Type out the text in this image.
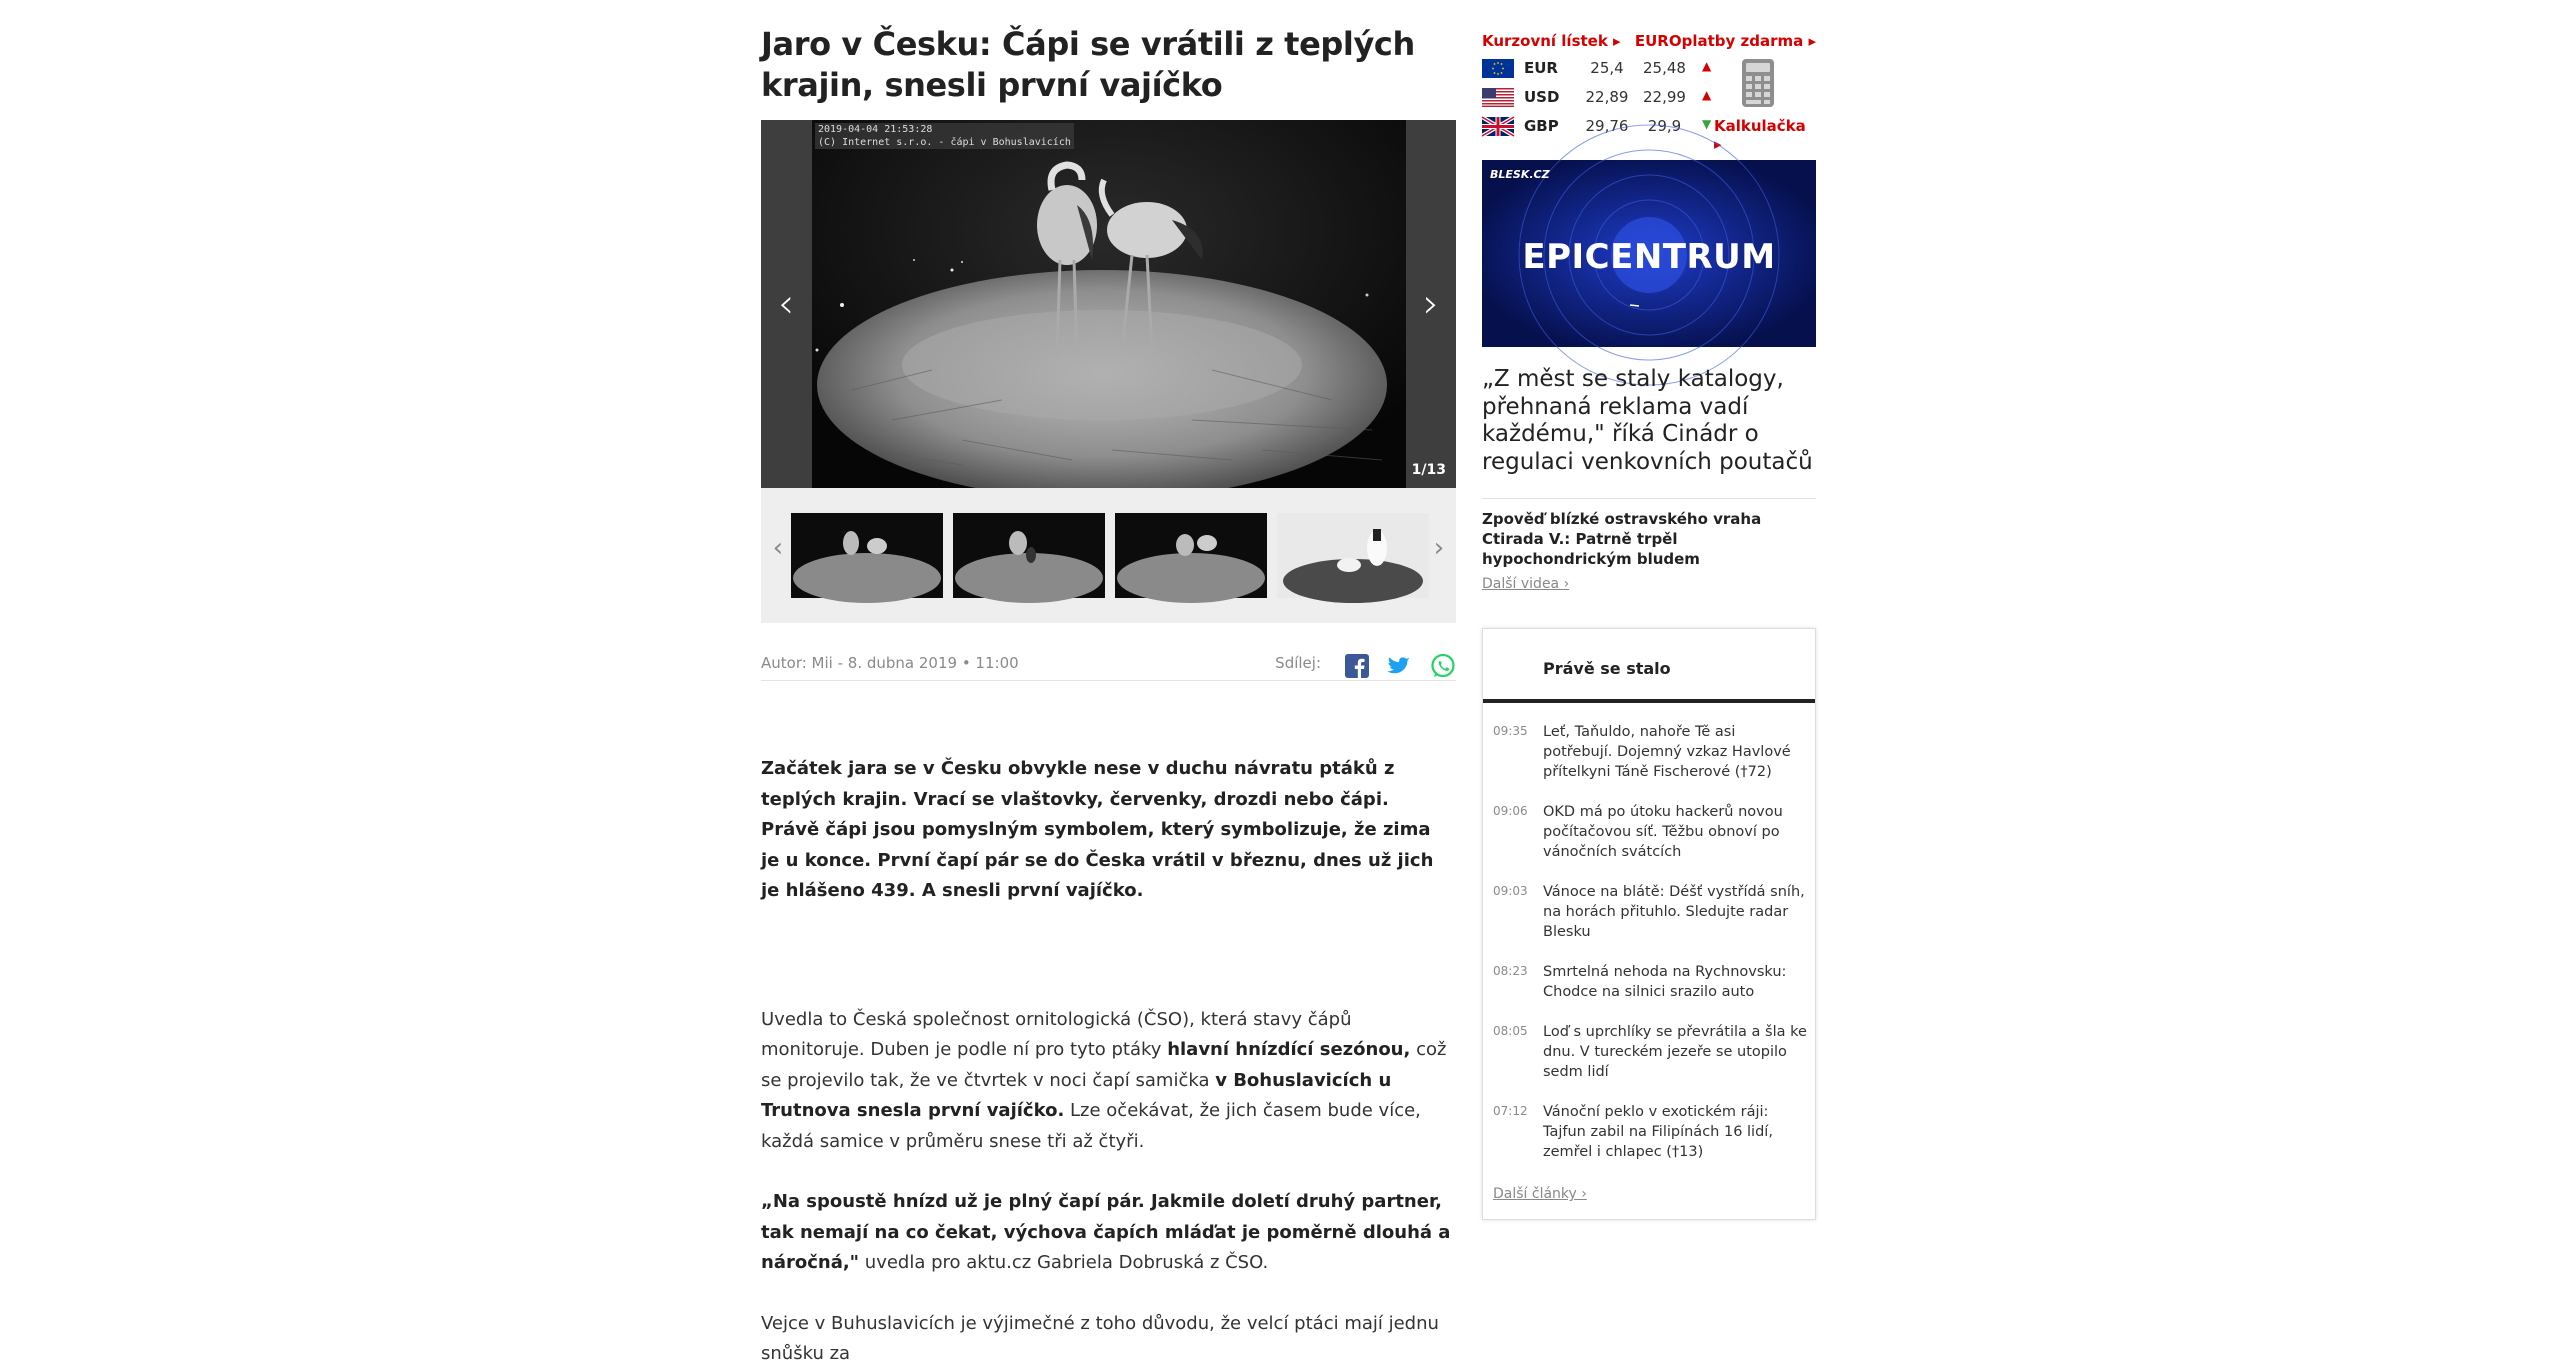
Jaro v Česku: Čápi se vrátili z teplých krajin, snesli první vajíčko
2019-04-04 21:53:28
(C) Internet s.r.o. - čápi v Bohuslavicích
‹	›
1/13
‹	›
Autor: Mii - 8. dubna 2019 • 11:00	Sdílej:

Začátek jara se v Česku obvykle nese v duchu návratu ptáků z teplých krajin. Vrací se vlaštovky, červenky, drozdi nebo čápi. Právě čápi jsou pomyslným symbolem, který symbolizuje, že zima je u konce. První čapí pár se do Česka vrátil v březnu, dnes už jich je hlášeno 439. A snesli první vajíčko.

Uvedla to Česká společnost ornitologická (ČSO), která stavy čápů monitoruje. Duben je podle ní pro tyto ptáky hlavní hnízdící sezónou, což se projevilo tak, že ve čtvrtek v noci čapí samička v Bohuslavicích u Trutnova snesla první vajíčko. Lze očekávat, že jich časem bude více, každá samice v průměru snese tři až čtyři.

„Na spoustě hnízd už je plný čapí pár. Jakmile doletí druhý partner, tak nemají na co čekat, výchova čapích mláďat je poměrně dlouhá a náročná," uvedla pro aktu.cz Gabriela Dobruská z ČSO.

Vejce v Buhuslavicích je výjimečné z toho důvodu, že velcí ptáci mají jednu snůšku za

Kurzovní lístek ▸ EUROplatby zdarma ▸
EUR	25,4	25,48	▲
USD 22,89 22,99	▲
GBP 29,76	29,9	▼ Kalkulačka ▸
BLESK.CZ
EPICENTRUM
„Z měst se staly katalogy, přehnaná reklama vadí každému," říká Cinádr o regulaci venkovních poutačů
Zpověď blízké ostravského vraha Ctirada V.: Patrně trpěl hypochondrickým bludem
Další videa ›
Právě se stalo
09:35 Leť, Taňuldo, nahoře Tě asi potřebují. Dojemný vzkaz Havlové přítelkyni Táně Fischerové (†72)
09:06 OKD má po útoku hackerů novou počítačovou síť. Těžbu obnoví po vánočních svátcích
09:03 Vánoce na blátě: Déšť vystřídá sníh, na horách přituhlo. Sledujte radar Blesku
08:23 Smrtelná nehoda na Rychnovsku: Chodce na silnici srazilo auto
08:05 Loď s uprchlíky se převrátila a šla ke dnu. V tureckém jezeře se utopilo sedm lidí
07:12 Vánoční peklo v exotickém ráji: Tajfun zabil na Filipínách 16 lidí, zemřel i chlapec (†13)
Další články ›
